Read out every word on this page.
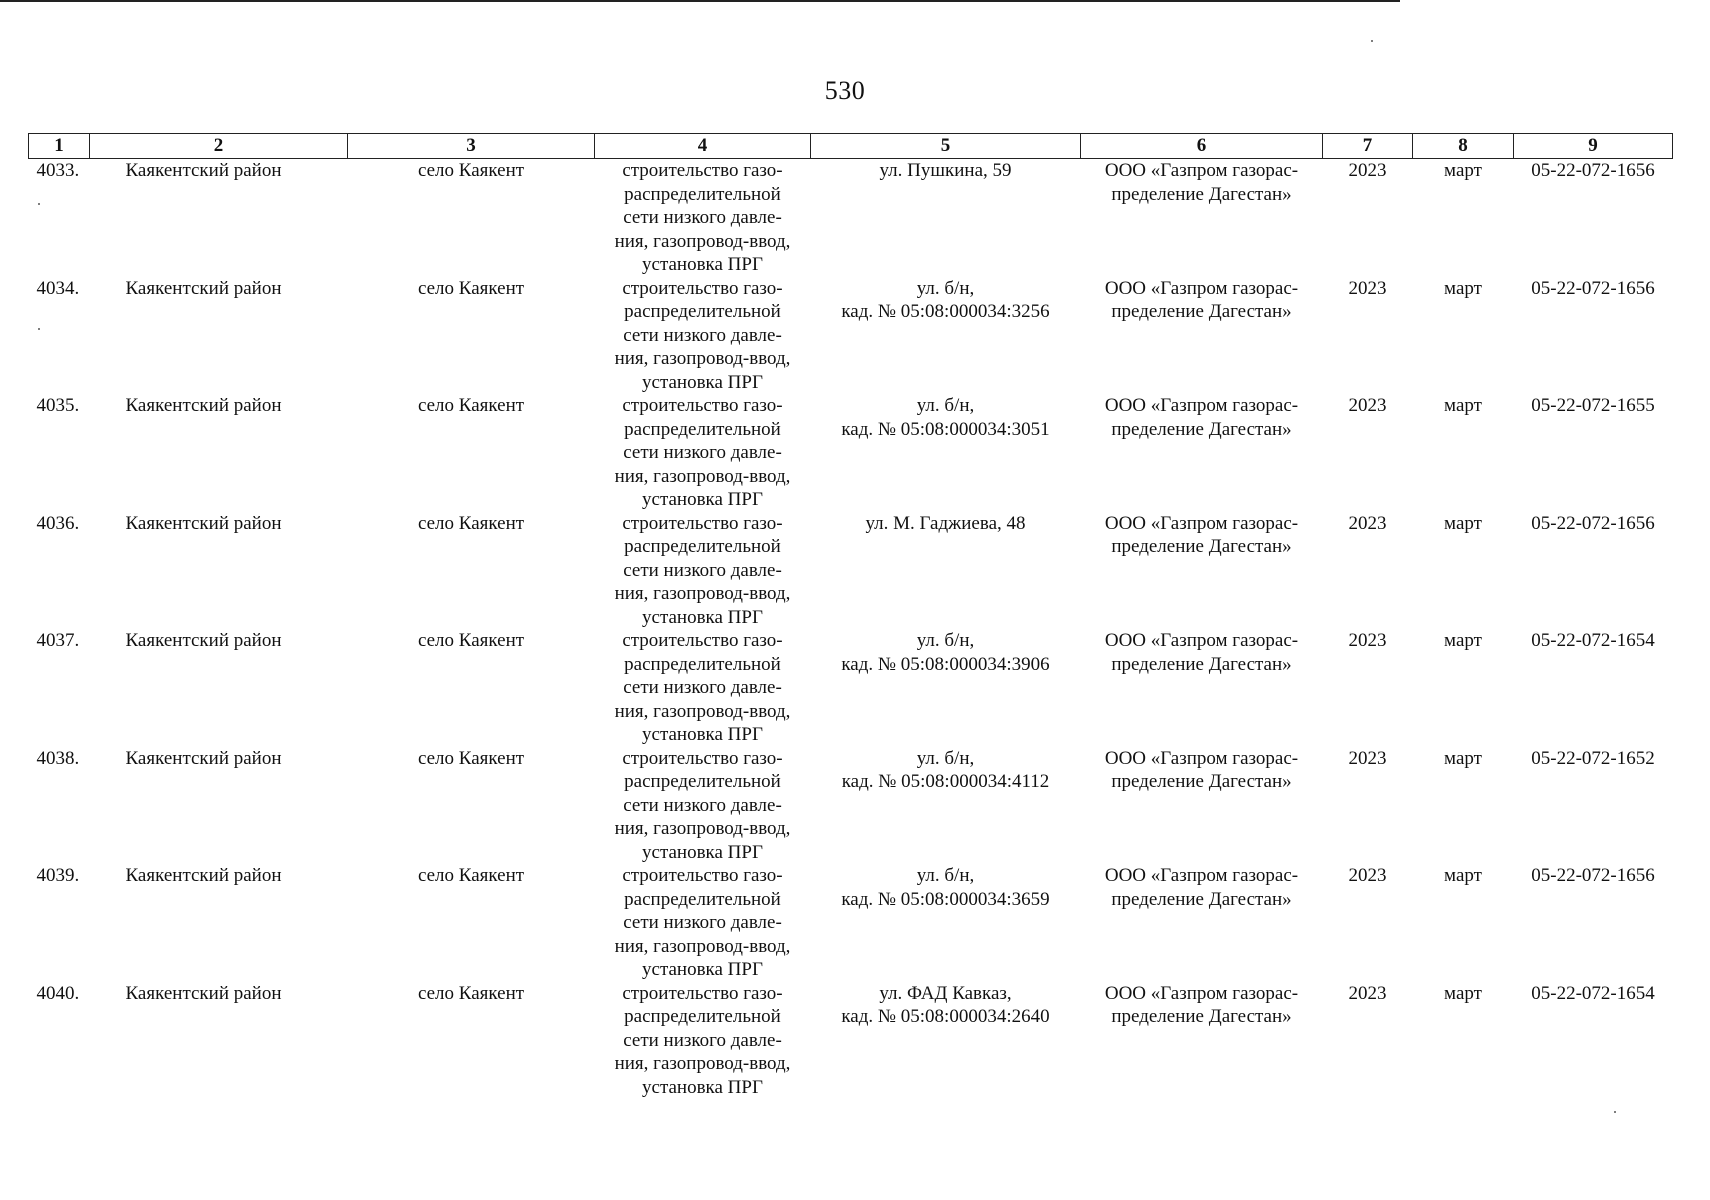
530
1	2	3	4	5	6	7	8	9
4033.	Каякентский район	село Каякент	строительство газо-
распределительной
сети низкого давле-
ния, газопровод-ввод,
установка ПРГ	ул. Пушкина, 59	ООО «Газпром газорас-
пределение Дагестан»	2023	март	05-22-072-1656
4034.	Каякентский район	село Каякент	строительство газо-
распределительной
сети низкого давле-
ния, газопровод-ввод,
установка ПРГ	ул. б/н,
кад. № 05:08:000034:3256	ООО «Газпром газорас-
пределение Дагестан»	2023	март	05-22-072-1656
4035.	Каякентский район	село Каякент	строительство газо-
распределительной
сети низкого давле-
ния, газопровод-ввод,
установка ПРГ	ул. б/н,
кад. № 05:08:000034:3051	ООО «Газпром газорас-
пределение Дагестан»	2023	март	05-22-072-1655
4036.	Каякентский район	село Каякент	строительство газо-
распределительной
сети низкого давле-
ния, газопровод-ввод,
установка ПРГ	ул. М. Гаджиева, 48	ООО «Газпром газорас-
пределение Дагестан»	2023	март	05-22-072-1656
4037.	Каякентский район	село Каякент	строительство газо-
распределительной
сети низкого давле-
ния, газопровод-ввод,
установка ПРГ	ул. б/н,
кад. № 05:08:000034:3906	ООО «Газпром газорас-
пределение Дагестан»	2023	март	05-22-072-1654
4038.	Каякентский район	село Каякент	строительство газо-
распределительной
сети низкого давле-
ния, газопровод-ввод,
установка ПРГ	ул. б/н,
кад. № 05:08:000034:4112	ООО «Газпром газорас-
пределение Дагестан»	2023	март	05-22-072-1652
4039.	Каякентский район	село Каякент	строительство газо-
распределительной
сети низкого давле-
ния, газопровод-ввод,
установка ПРГ	ул. б/н,
кад. № 05:08:000034:3659	ООО «Газпром газорас-
пределение Дагестан»	2023	март	05-22-072-1656
4040.	Каякентский район	село Каякент	строительство газо-
распределительной
сети низкого давле-
ния, газопровод-ввод,
установка ПРГ	ул. ФАД Кавказ,
кад. № 05:08:000034:2640	ООО «Газпром газорас-
пределение Дагестан»	2023	март	05-22-072-1654
